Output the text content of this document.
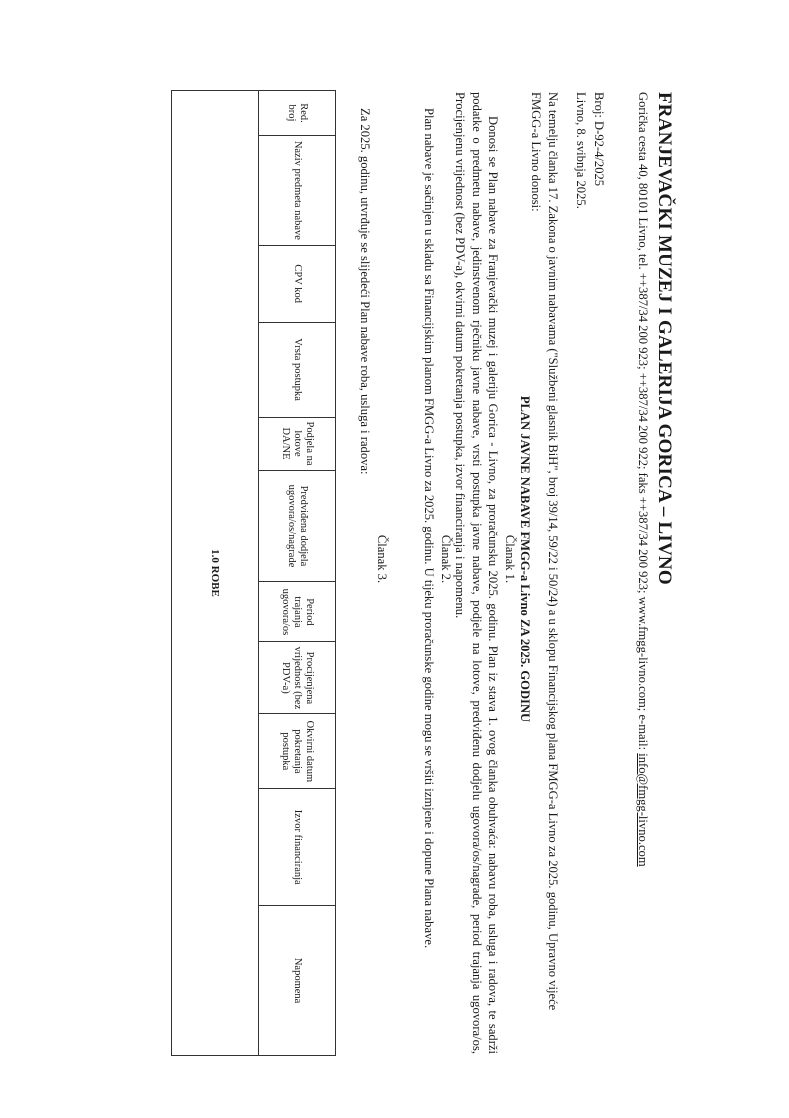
FRANJEVAČKI MUZEJ I GALERIJA GORICA – LIVNO

Gorička cesta 40, 80101 Livno, tel. ++387/34 200 923; ++387/34 200 922; faks ++387/34 200 923; www.fmgg-livno.com; e-mail: info@fmgg-livno.com

Broj: D-92-4/2025

Livno, 8. svibnja 2025.

Na temelju članka 17. Zakona o javnim nabavama ("Službeni glasnik BiH", broj 39/14, 59/22 i 50/24) a u sklopu Financijskog plana FMGG-a Livno za 2025. godinu, Upravno vijeće FMGG-a Livno donosi:

PLAN JAVNE NABAVE FMGG-a Livno ZA 2025. GODINU

Članak 1.

Donosi se Plan nabave za Franjevački muzej i galeriju Gorica - Livno, za proračunsku 2025. godinu. Plan iz stava 1. ovog članka obuhvaća: nabavu roba, usluga i radova, te sadrži podatke o predmetu nabave, jedinstvenom rječniku javne nabave, vrsti postupka javne nabave, podjele na lotove, predviđenu dodjelu ugovora/os/nagrade, period trajanja ugovora/os, Procijenjenu vrijednost (bez PDV-a), okvirni datum pokretanja postupka, izvor financiranja i napomenu.

Članak 2.

Plan nabave je sačinjen u skladu sa Financijskim planom FMGG-a Livno za 2025. godinu. U tijeku proračunske godine mogu se vršiti izmjene i dopune Plana nabave.

Članak 3.

Za 2025. godinu, utvrđuje se slijedeći Plan nabave roba, usluga i radova:

Red. broj	Naziv predmeta nabave	CPV kod	Vrsta postupka	Podjela na lotove DA/NE	Predviđena dodjela ugovora/os/nagrade	Period trajanja ugovora/os	Procijenjena vrijednost (bez PDV-a)	Okvirni datum pokretanja postupka	Izvor financiranja	Napomena
1.0 ROBE
